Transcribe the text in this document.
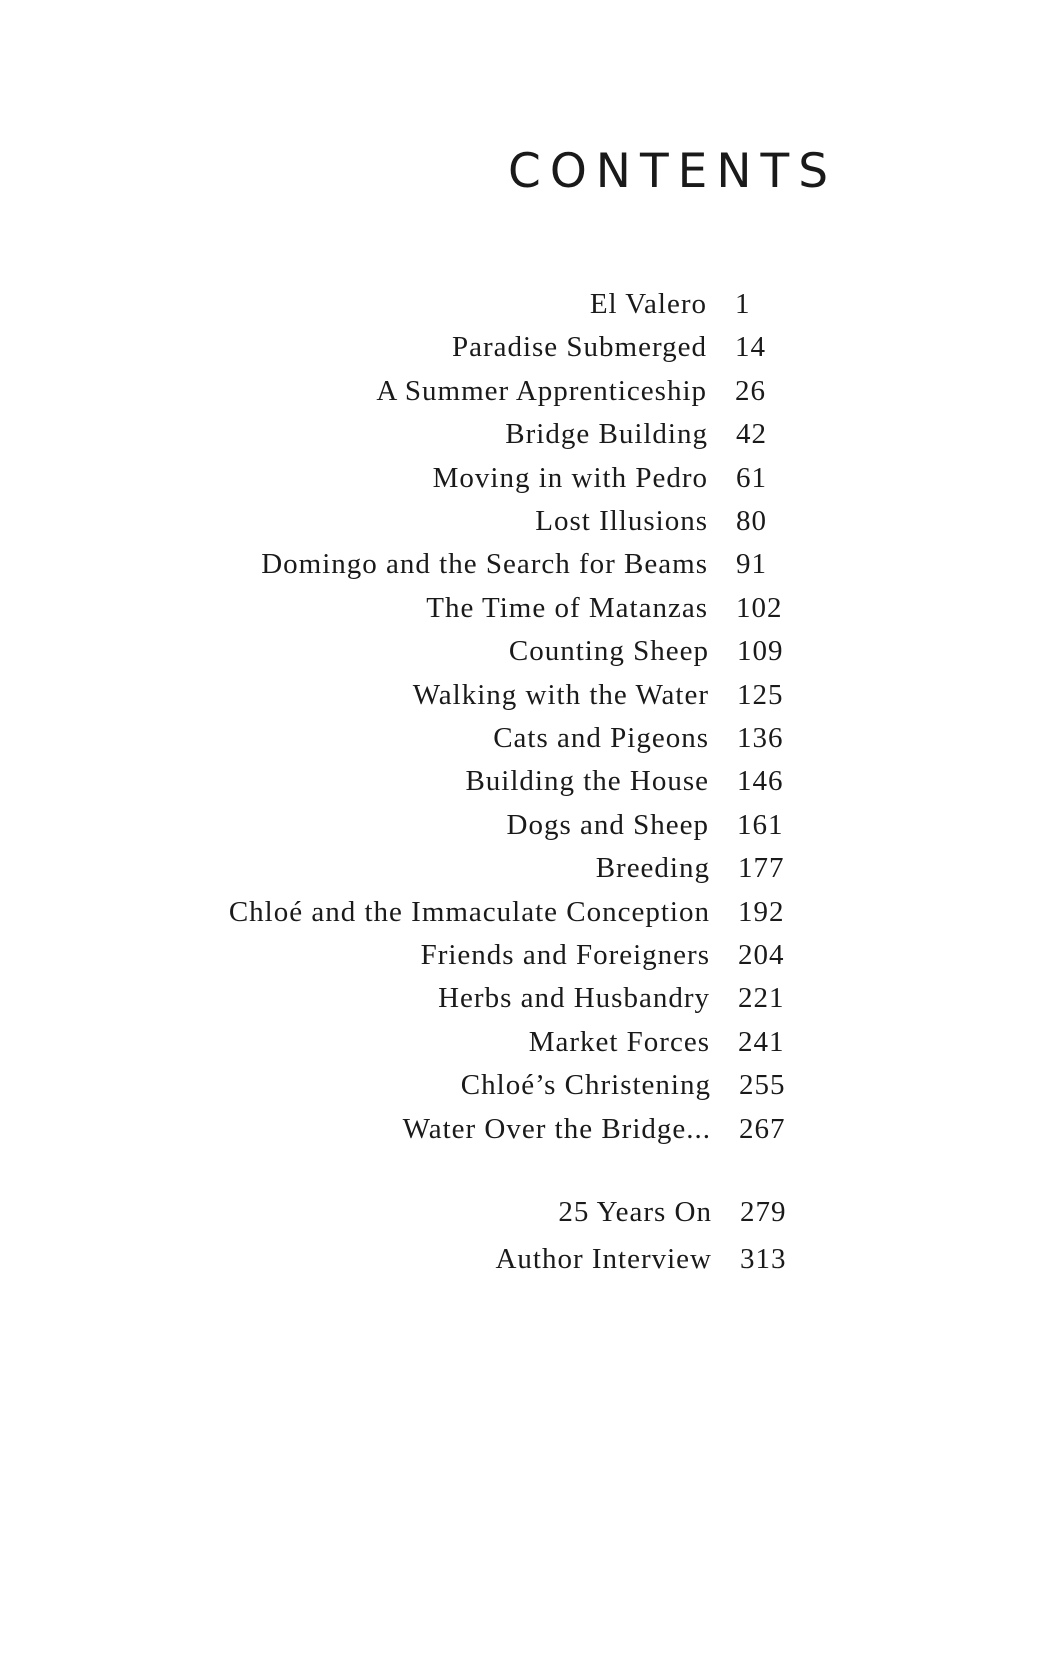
CONTENTS
El Valero 1
Paradise Submerged 14
A Summer Apprenticeship 26
Bridge Building 42
Moving in with Pedro 61
Lost Illusions 80
Domingo and the Search for Beams 91
The Time of Matanzas 102
Counting Sheep 109
Walking with the Water 125
Cats and Pigeons 136
Building the House 146
Dogs and Sheep 161
Breeding 177
Chloé and the Immaculate Conception 192
Friends and Foreigners 204
Herbs and Husbandry 221
Market Forces 241
Chloé’s Christening 255
Water Over the Bridge... 267
25 Years On 279
Author Interview 313
